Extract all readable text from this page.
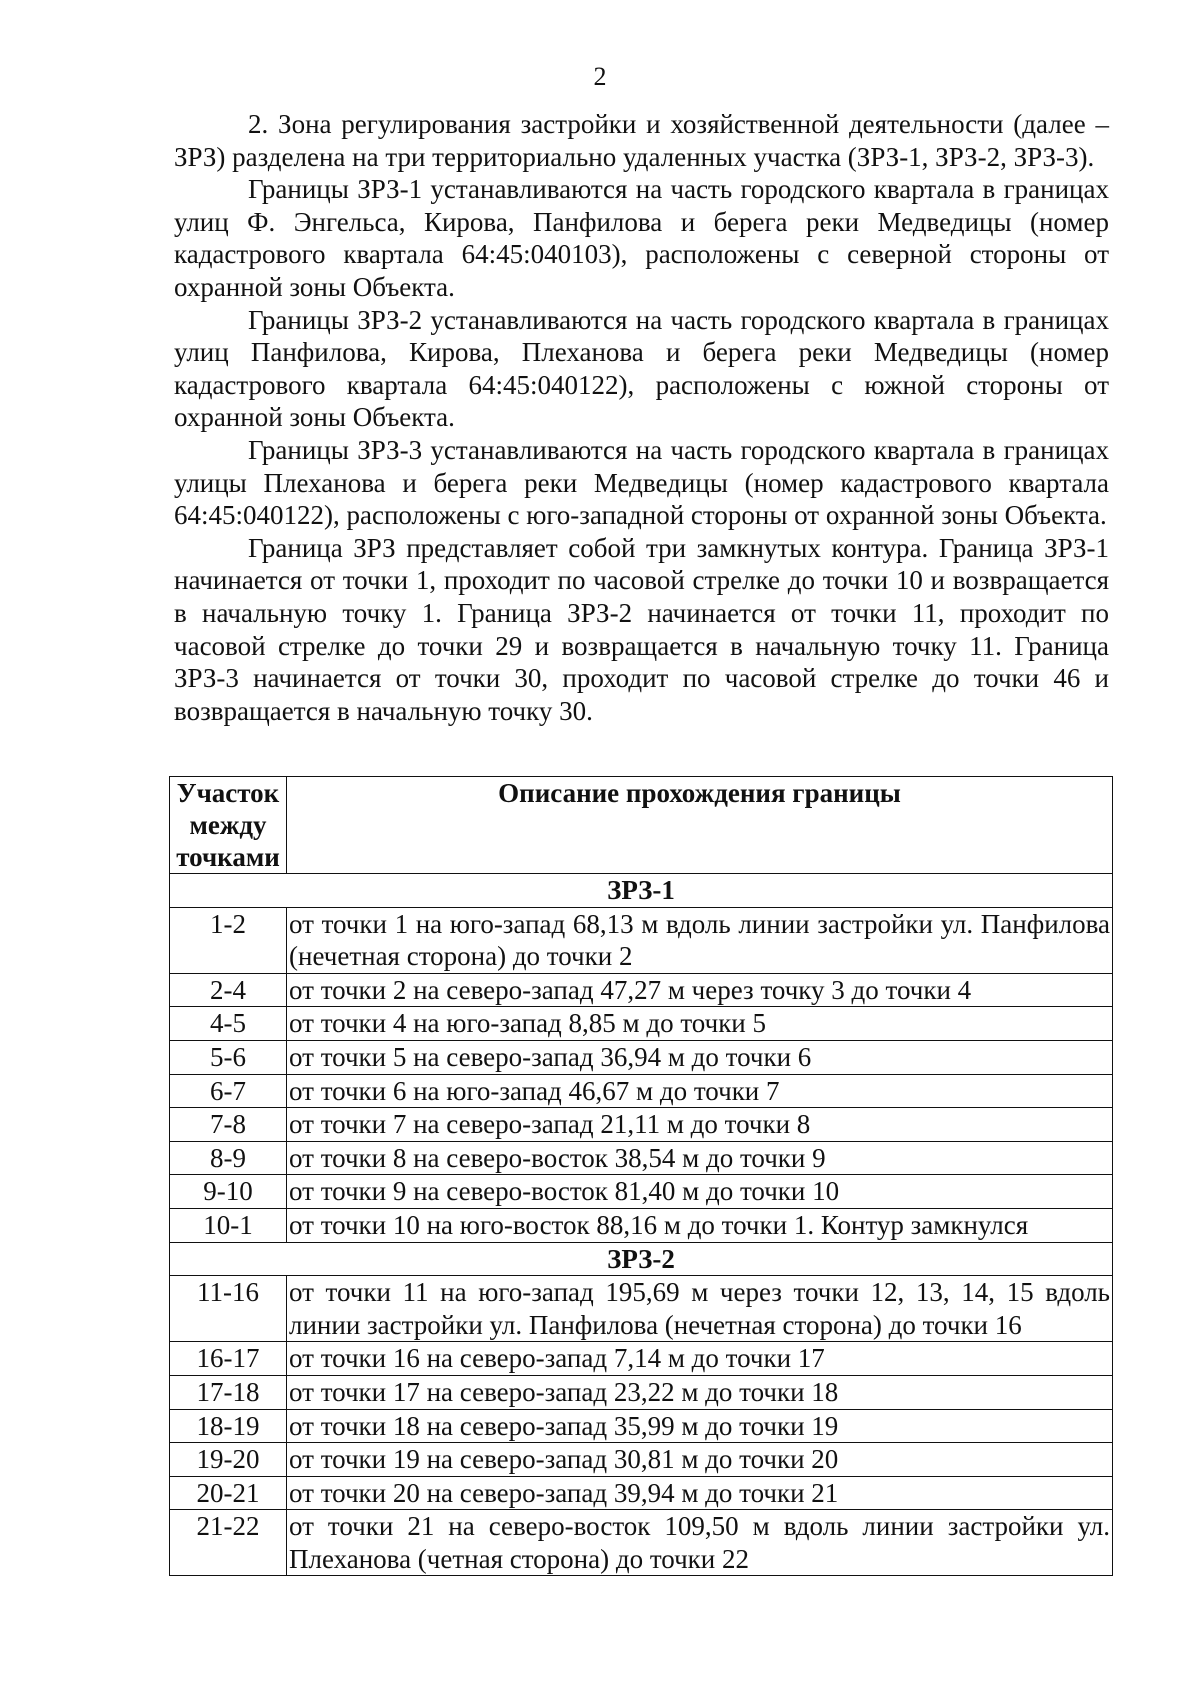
2

2. Зона регулирования застройки и хозяйственной деятельности (далее – ЗРЗ) разделена на три территориально удаленных участка (ЗРЗ-1, ЗРЗ-2, ЗРЗ-3).

Границы ЗРЗ-1 устанавливаются на часть городского квартала в границах улиц Ф. Энгельса, Кирова, Панфилова и берега реки Медведицы (номер кадастрового квартала 64:45:040103), расположены с северной стороны от охранной зоны Объекта.

Границы ЗРЗ-2 устанавливаются на часть городского квартала в границах улиц Панфилова, Кирова, Плеханова и берега реки Медведицы (номер кадастрового квартала 64:45:040122), расположены с южной стороны от охранной зоны Объекта.

Границы ЗРЗ-3 устанавливаются на часть городского квартала в границах улицы Плеханова и берега реки Медведицы (номер кадастрового квартала 64:45:040122), расположены с юго-западной стороны от охранной зоны Объекта.

Граница ЗРЗ представляет собой три замкнутых контура. Граница ЗРЗ-1 начинается от точки 1, проходит по часовой стрелке до точки 10 и возвращается в начальную точку 1. Граница ЗРЗ-2 начинается от точки 11, проходит по часовой стрелке до точки 29 и возвращается в начальную точку 11. Граница ЗРЗ-3 начинается от точки 30, проходит по часовой стрелке до точки 46 и возвращается в начальную точку 30.

Участок между точками	Описание прохождения границы
ЗРЗ-1	
1-2	от точки 1 на юго-запад 68,13 м вдоль линии застройки ул. Панфилова (нечетная сторона) до точки 2
2-4	от точки 2 на северо-запад 47,27 м через точку 3 до точки 4
4-5	от точки 4 на юго-запад 8,85 м до точки 5
5-6	от точки 5 на северо-запад 36,94 м до точки 6
6-7	от точки 6 на юго-запад 46,67 м до точки 7
7-8	от точки 7 на северо-запад 21,11 м до точки 8
8-9	от точки 8 на северо-восток 38,54 м до точки 9
9-10	от точки 9 на северо-восток 81,40 м до точки 10
10-1	от точки 10 на юго-восток 88,16 м до точки 1. Контур замкнулся
ЗРЗ-2	
11-16	от точки 11 на юго-запад 195,69 м через точки 12, 13, 14, 15 вдоль линии застройки ул. Панфилова (нечетная сторона) до точки 16
16-17	от точки 16 на северо-запад 7,14 м до точки 17
17-18	от точки 17 на северо-запад 23,22 м до точки 18
18-19	от точки 18 на северо-запад 35,99 м до точки 19
19-20	от точки 19 на северо-запад 30,81 м до точки 20
20-21	от точки 20 на северо-запад 39,94 м до точки 21
21-22	от точки 21 на северо-восток 109,50 м вдоль линии застройки ул. Плеханова (четная сторона) до точки 22
